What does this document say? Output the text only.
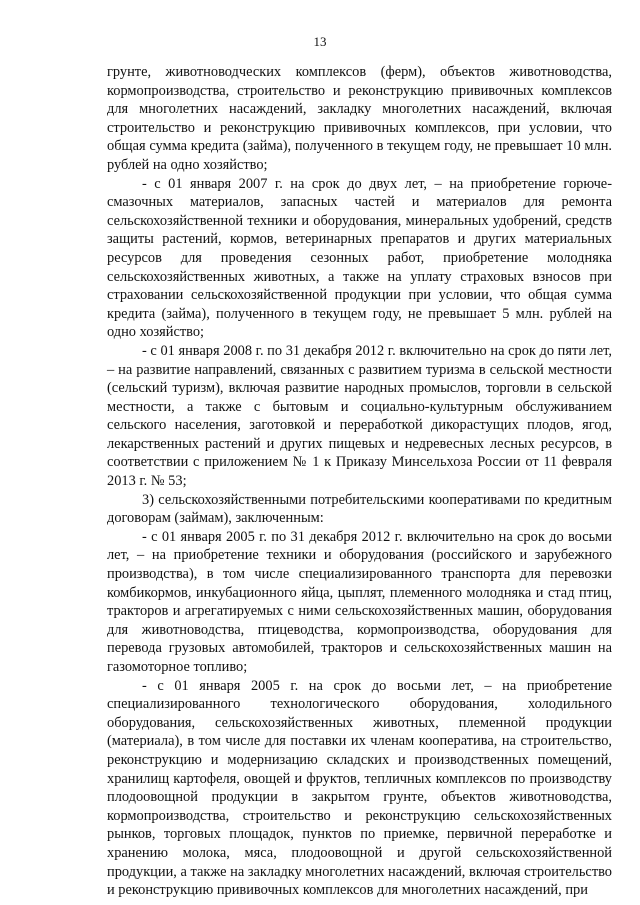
13

грунте, животноводческих комплексов (ферм), объектов животноводства, кормопроизводства, строительство и реконструкцию прививочных комплексов для многолетних насаждений, закладку многолетних насаждений, включая строительство и реконструкцию прививочных комплексов, при условии, что общая сумма кредита (займа), полученного в текущем году, не превышает 10 млн. рублей на одно хозяйство;

- с 01 января 2007 г. на срок до двух лет, – на приобретение горюче-смазочных материалов, запасных частей и материалов для ремонта сельскохозяйственной техники и оборудования, минеральных удобрений, средств защиты растений, кормов, ветеринарных препаратов и других материальных ресурсов для проведения сезонных работ, приобретение молодняка сельскохозяйственных животных, а также на уплату страховых взносов при страховании сельскохозяйственной продукции при условии, что общая сумма кредита (займа), полученного в текущем году, не превышает 5 млн. рублей на одно хозяйство;

- с 01 января 2008 г. по 31 декабря 2012 г. включительно на срок до пяти лет, – на развитие направлений, связанных с развитием туризма в сельской местности (сельский туризм), включая развитие народных промыслов, торговли в сельской местности, а также с бытовым и социально-культурным обслуживанием сельского населения, заготовкой и переработкой дикорастущих плодов, ягод, лекарственных растений и других пищевых и недревесных лесных ресурсов, в соответствии с приложением № 1 к Приказу Минсельхоза России от 11 февраля 2013 г. № 53;

3) сельскохозяйственными потребительскими кооперативами по кредитным договорам (займам), заключенным:

- с 01 января 2005 г. по 31 декабря 2012 г. включительно на срок до восьми лет, – на приобретение техники и оборудования (российского и зарубежного производства), в том числе специализированного транспорта для перевозки комбикормов, инкубационного яйца, цыплят, племенного молодняка и стад птиц, тракторов и агрегатируемых с ними сельскохозяйственных машин, оборудования для животноводства, птицеводства, кормопроизводства, оборудования для перевода грузовых автомобилей, тракторов и сельскохозяйственных машин на газомоторное топливо;

- с 01 января 2005 г. на срок до восьми лет, – на приобретение специализированного технологического оборудования, холодильного оборудования, сельскохозяйственных животных, племенной продукции (материала), в том числе для поставки их членам кооператива, на строительство, реконструкцию и модернизацию складских и производственных помещений, хранилищ картофеля, овощей и фруктов, тепличных комплексов по производству плодоовощной продукции в закрытом грунте, объектов животноводства, кормопроизводства, строительство и реконструкцию сельскохозяйственных рынков, торговых площадок, пунктов по приемке, первичной переработке и хранению молока, мяса, плодоовощной и другой сельскохозяйственной продукции, а также на закладку многолетних насаждений, включая строительство и реконструкцию прививочных комплексов для многолетних насаждений, при
